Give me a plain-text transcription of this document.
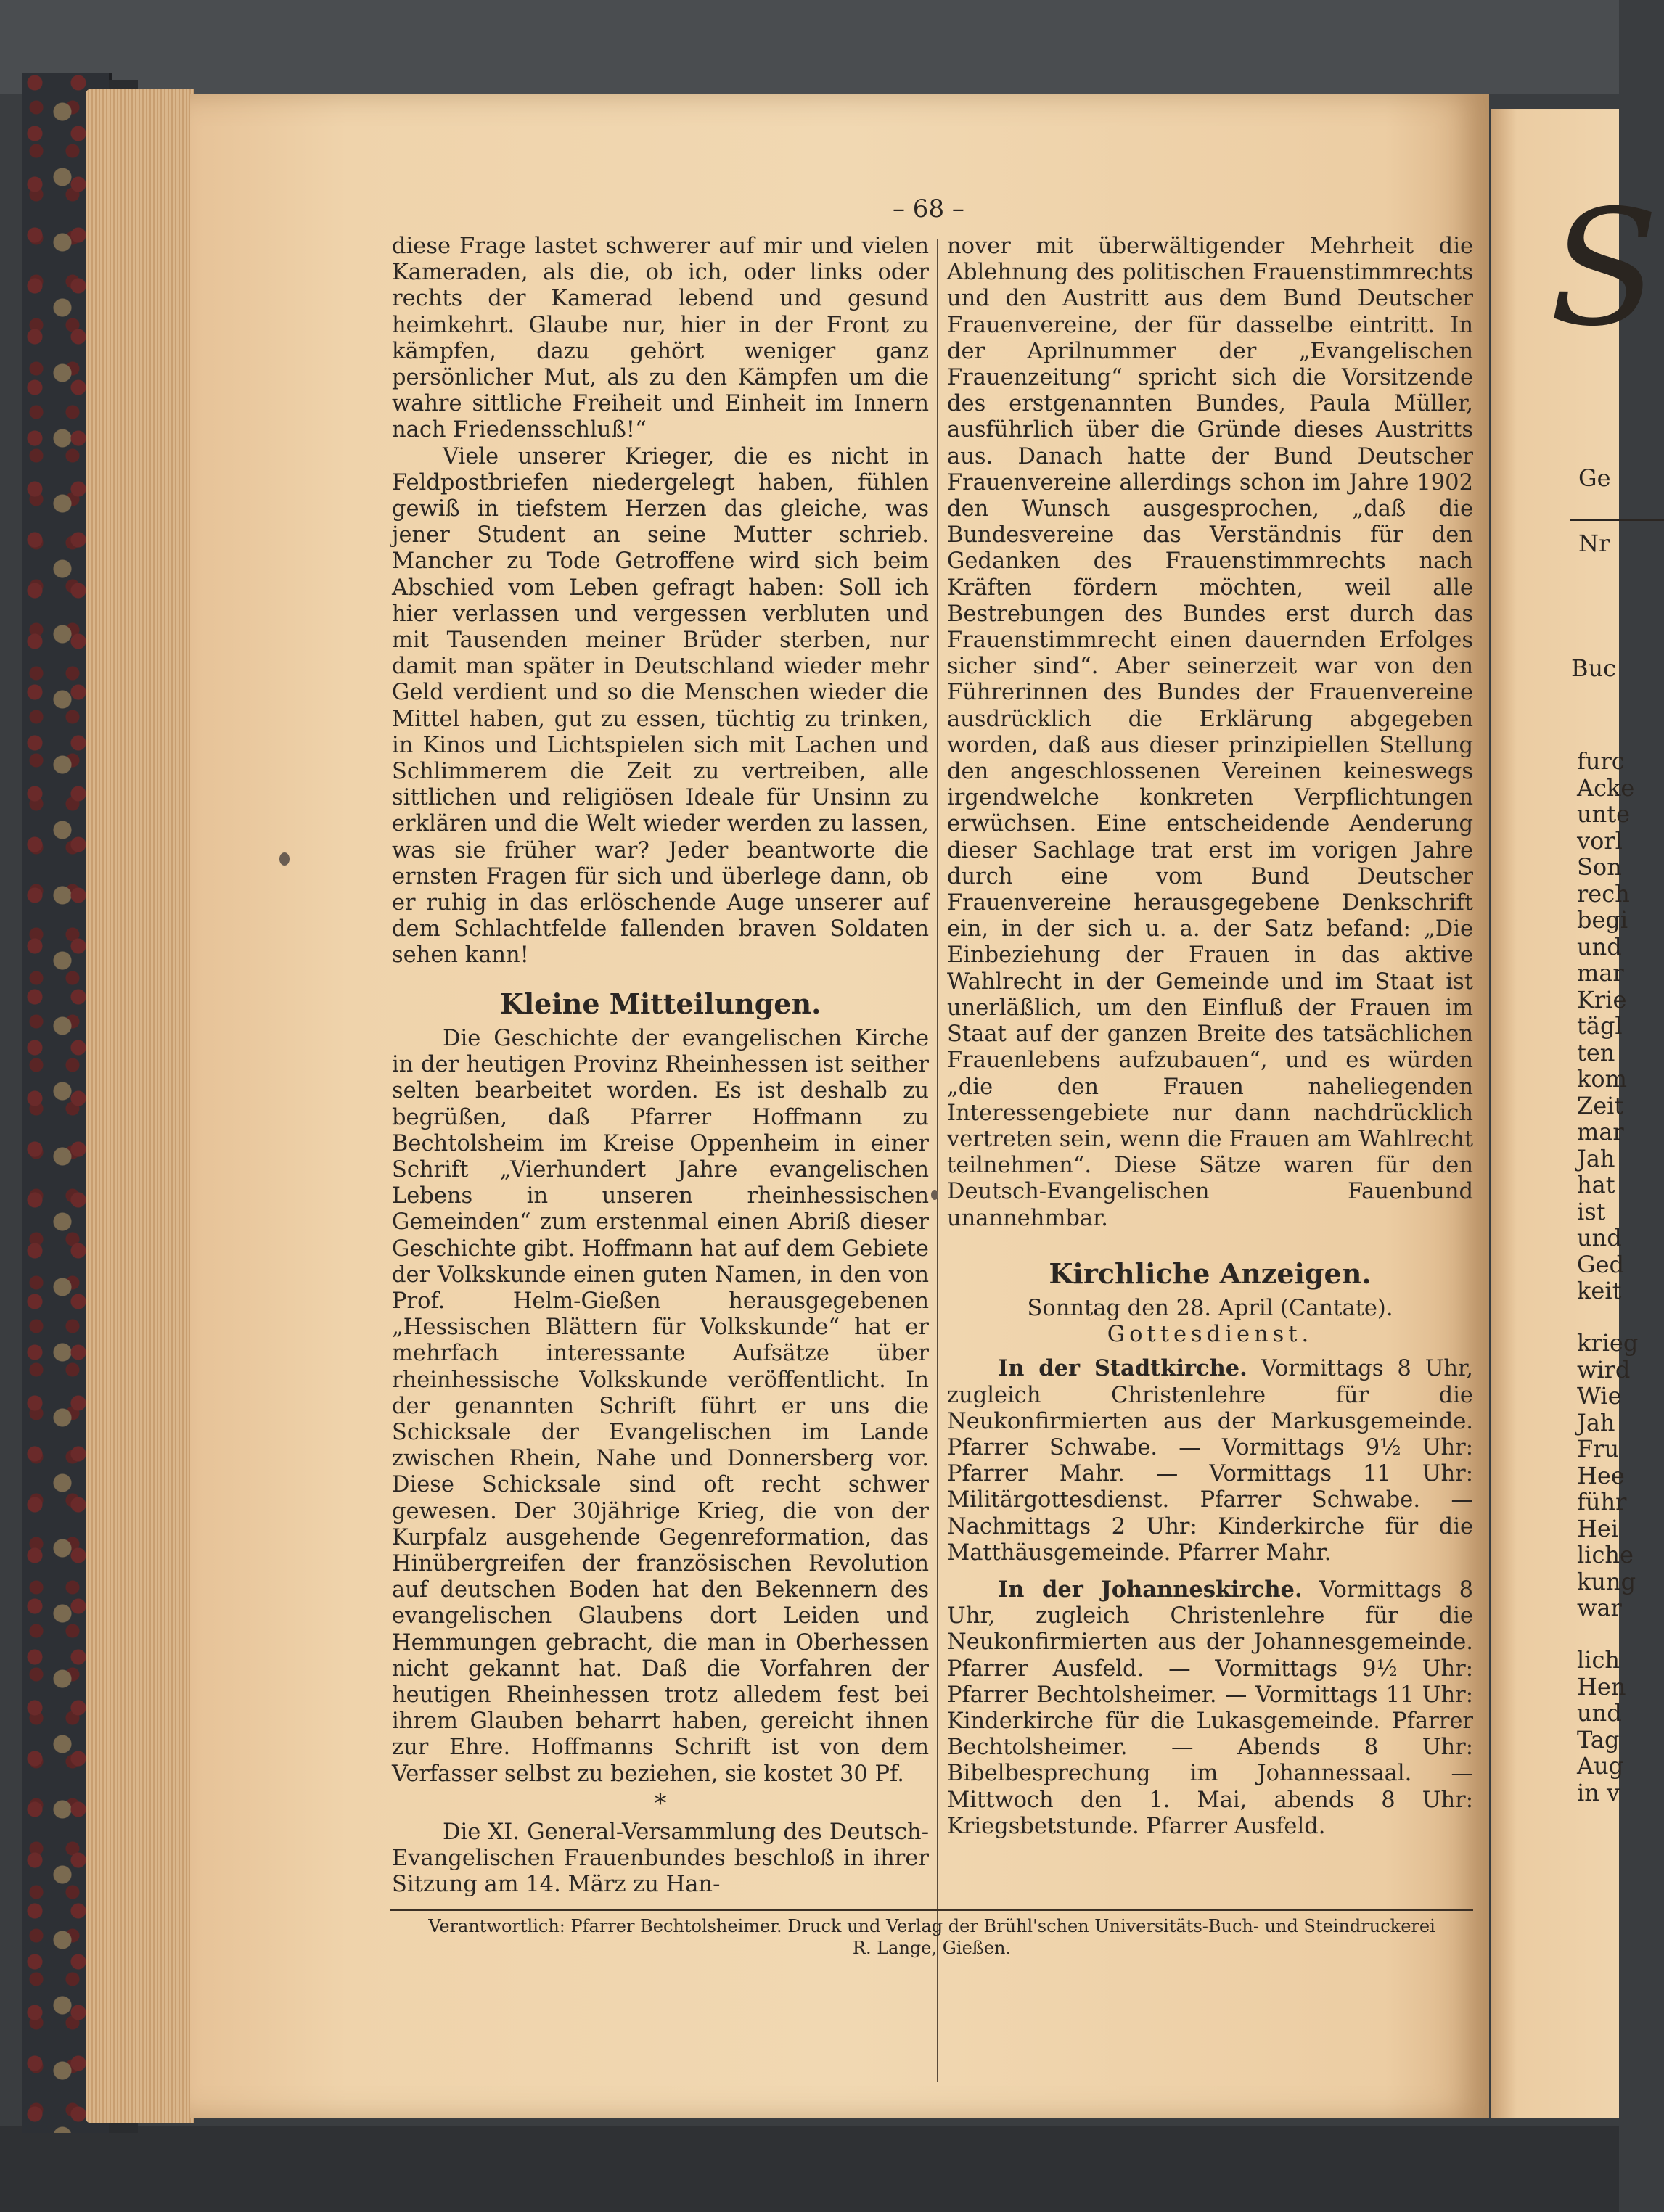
S
Ge
Nr
Buc
furc
Acke
unte
vorl
Son
rech
begi
und
mar
Krie
tägl
ten
kom
Zeit
mar
Jah
hat
ist
und
Ged
keit
krieg
wird
Wie
Jah
Fru
Hee
führ
Hei
liche
kung
war
lich
Hen
und
Tag
Aug
in v
– 68 –

diese Frage lastet schwerer auf mir und vielen Kameraden, als die, ob ich, oder links oder rechts der Kamerad lebend und gesund heimkehrt. Glaube nur, hier in der Front zu kämpfen, dazu gehört weniger ganz persönlicher Mut, als zu den Kämpfen um die wahre sittliche Freiheit und Einheit im Innern nach Friedensschluß!“

Viele unserer Krieger, die es nicht in Feldpostbriefen niedergelegt haben, fühlen gewiß in tiefstem Herzen das gleiche, was jener Student an seine Mutter schrieb. Mancher zu Tode Getroffene wird sich beim Abschied vom Leben gefragt haben: Soll ich hier verlassen und vergessen verbluten und mit Tausenden meiner Brüder sterben, nur damit man später in Deutschland wieder mehr Geld verdient und so die Menschen wieder die Mittel haben, gut zu essen, tüchtig zu trinken, in Kinos und Lichtspielen sich mit Lachen und Schlimmerem die Zeit zu vertreiben, alle sittlichen und religiösen Ideale für Unsinn zu erklären und die Welt wieder werden zu lassen, was sie früher war? Jeder beantworte die ernsten Fragen für sich und überlege dann, ob er ruhig in das erlöschende Auge unserer auf dem Schlachtfelde fallenden braven Soldaten sehen kann!

Kleine Mitteilungen.

Die Geschichte der evangelischen Kirche in der heutigen Provinz Rheinhessen ist seither selten bearbeitet worden. Es ist deshalb zu begrüßen, daß Pfarrer Hoffmann zu Bechtolsheim im Kreise Oppenheim in einer Schrift „Vierhundert Jahre evangelischen Lebens in unseren rheinhessischen Gemeinden“ zum erstenmal einen Abriß dieser Geschichte gibt. Hoffmann hat auf dem Gebiete der Volkskunde einen guten Namen, in den von Prof. Helm-Gießen herausgegebenen „Hessischen Blättern für Volkskunde“ hat er mehrfach interessante Aufsätze über rheinhessische Volkskunde veröffentlicht. In der genannten Schrift führt er uns die Schicksale der Evangelischen im Lande zwischen Rhein, Nahe und Donnersberg vor. Diese Schicksale sind oft recht schwer gewesen. Der 30jährige Krieg, die von der Kurpfalz ausgehende Gegenreformation, das Hinübergreifen der französischen Revolution auf deutschen Boden hat den Bekennern des evangelischen Glaubens dort Leiden und Hemmungen gebracht, die man in Oberhessen nicht gekannt hat. Daß die Vorfahren der heutigen Rheinhessen trotz alledem fest bei ihrem Glauben beharrt haben, gereicht ihnen zur Ehre. Hoffmanns Schrift ist von dem Verfasser selbst zu beziehen, sie kostet 30 Pf.

*

Die XI. General-Versammlung des Deutsch-Evangelischen Frauenbundes beschloß in ihrer Sitzung am 14. März zu Han-

nover mit überwältigender Mehrheit die Ablehnung des politischen Frauenstimmrechts und den Austritt aus dem Bund Deutscher Frauenvereine, der für dasselbe eintritt. In der Aprilnummer der „Evangelischen Frauenzeitung“ spricht sich die Vorsitzende des erstgenannten Bundes, Paula Müller, ausführlich über die Gründe dieses Austritts aus. Danach hatte der Bund Deutscher Frauenvereine allerdings schon im Jahre 1902 den Wunsch ausgesprochen, „daß die Bundesvereine das Verständnis für den Gedanken des Frauenstimmrechts nach Kräften fördern möchten, weil alle Bestrebungen des Bundes erst durch das Frauenstimmrecht einen dauernden Erfolges sicher sind“. Aber seinerzeit war von den Führerinnen des Bundes der Frauenvereine ausdrücklich die Erklärung abgegeben worden, daß aus dieser prinzipiellen Stellung den angeschlossenen Vereinen keineswegs irgendwelche konkreten Verpflichtungen erwüchsen. Eine entscheidende Aenderung dieser Sachlage trat erst im vorigen Jahre durch eine vom Bund Deutscher Frauenvereine herausgegebene Denkschrift ein, in der sich u. a. der Satz befand: „Die Einbeziehung der Frauen in das aktive Wahlrecht in der Gemeinde und im Staat ist unerläßlich, um den Einfluß der Frauen im Staat auf der ganzen Breite des tatsächlichen Frauenlebens aufzubauen“, und es würden „die den Frauen naheliegenden Interessengebiete nur dann nachdrücklich vertreten sein, wenn die Frauen am Wahlrecht teilnehmen“. Diese Sätze waren für den Deutsch-Evangelischen Fauenbund unannehmbar.

Kirchliche Anzeigen.
Sonntag den 28. April (Cantate).
Gottesdienst.

In der Stadtkirche. Vormittags 8 Uhr, zugleich Christenlehre für die Neukonfirmierten aus der Markusgemeinde. Pfarrer Schwabe. — Vormittags 9½ Uhr: Pfarrer Mahr. — Vormittags 11 Uhr: Militärgottesdienst. Pfarrer Schwabe. — Nachmittags 2 Uhr: Kinderkirche für die Matthäusgemeinde. Pfarrer Mahr.

In der Johanneskirche. Vormittags 8 Uhr, zugleich Christenlehre für die Neukonfirmierten aus der Johannesgemeinde. Pfarrer Ausfeld. — Vormittags 9½ Uhr: Pfarrer Bechtolsheimer. — Vormittags 11 Uhr: Kinderkirche für die Lukasgemeinde. Pfarrer Bechtolsheimer. — Abends 8 Uhr: Bibelbesprechung im Johannessaal. — Mittwoch den 1. Mai, abends 8 Uhr: Kriegsbetstunde. Pfarrer Ausfeld.

Verantwortlich: Pfarrer Bechtolsheimer. Druck und Verlag der Brühl'schen Universitäts-Buch- und Steindruckerei
R. Lange, Gießen.
